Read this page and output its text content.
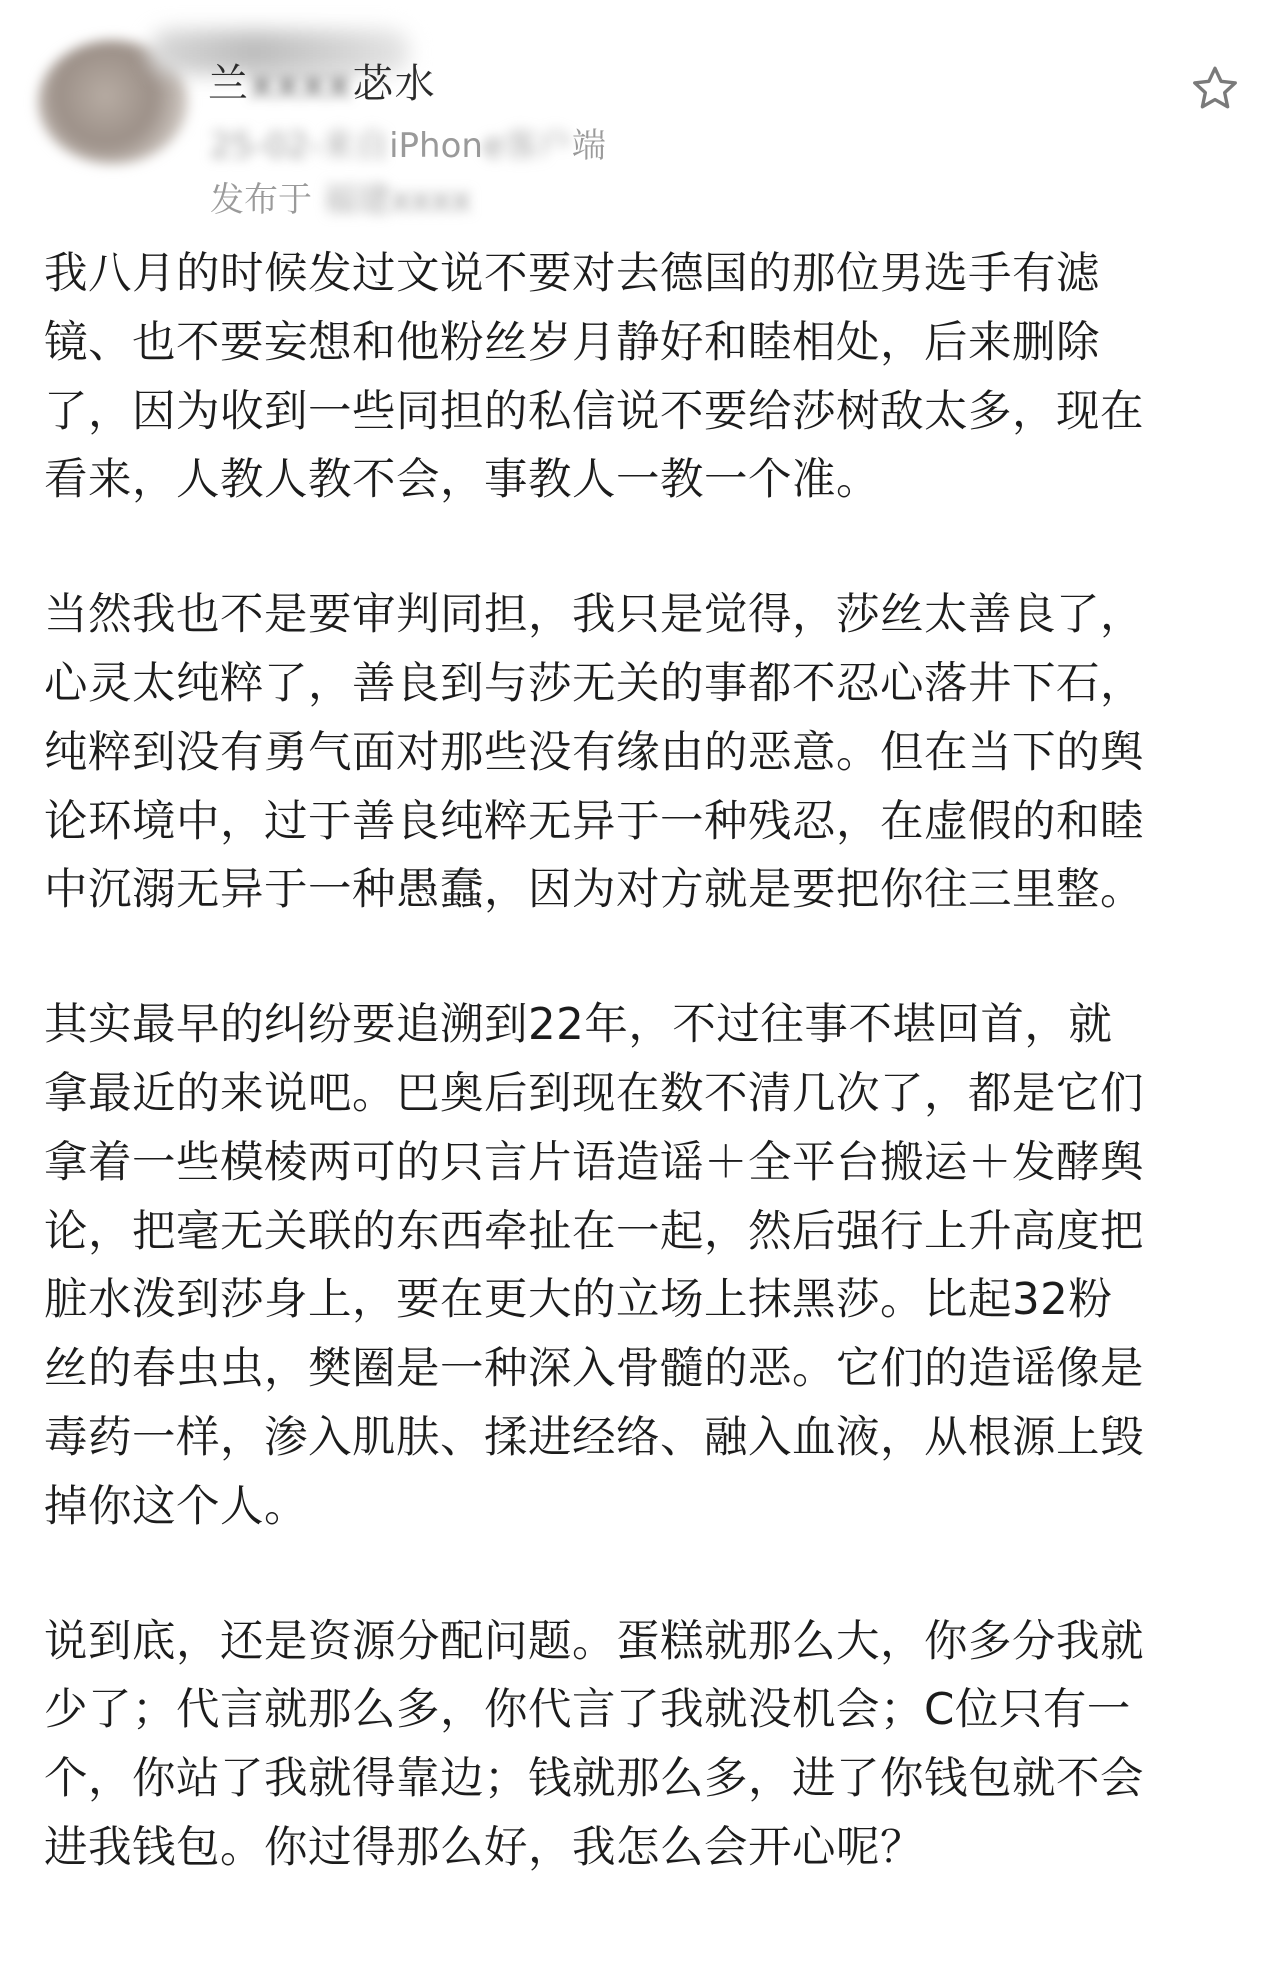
兰xxxx苾水
25-02-来自iPhone客户端
发布于 福建xxxx

我八月的时候发过文说不要对去德国的那位男选手有滤
镜、也不要妄想和他粉丝岁月静好和睦相处，后来删除
了，因为收到一些同担的私信说不要给莎树敌太多，现在
看来，人教人教不会，事教人一教一个准。

当然我也不是要审判同担，我只是觉得，莎丝太善良了，
心灵太纯粹了，善良到与莎无关的事都不忍心落井下石，
纯粹到没有勇气面对那些没有缘由的恶意。但在当下的舆
论环境中，过于善良纯粹无异于一种残忍，在虚假的和睦
中沉溺无异于一种愚蠢，因为对方就是要把你往三里整。

其实最早的纠纷要追溯到22年，不过往事不堪回首，就
拿最近的来说吧。巴奥后到现在数不清几次了，都是它们
拿着一些模棱两可的只言片语造谣＋全平台搬运＋发酵舆
论，把毫无关联的东西牵扯在一起，然后强行上升高度把
脏水泼到莎身上，要在更大的立场上抹黑莎。比起32粉
丝的春虫虫，樊圈是一种深入骨髓的恶。它们的造谣像是
毒药一样，渗入肌肤、揉进经络、融入血液，从根源上毁
掉你这个人。

说到底，还是资源分配问题。蛋糕就那么大，你多分我就
少了；代言就那么多，你代言了我就没机会；C位只有一
个，你站了我就得靠边；钱就那么多，进了你钱包就不会
进我钱包。你过得那么好，我怎么会开心呢？
